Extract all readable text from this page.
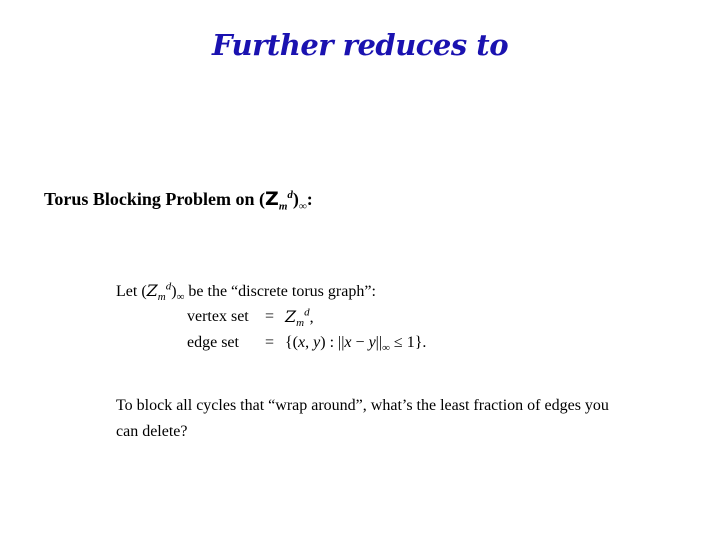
Further reduces to
Torus Blocking Problem on $(Z_m^d)_\infty$:
Let $(Z_m^d)_\infty$ be the “discrete torus graph”:
vertex set = $Z_m^d$,
edge set = {(x, y) : $||x - y||_\infty \le 1$}.
To block all cycles that “wrap around”, what’s the least fraction of edges you can delete?
